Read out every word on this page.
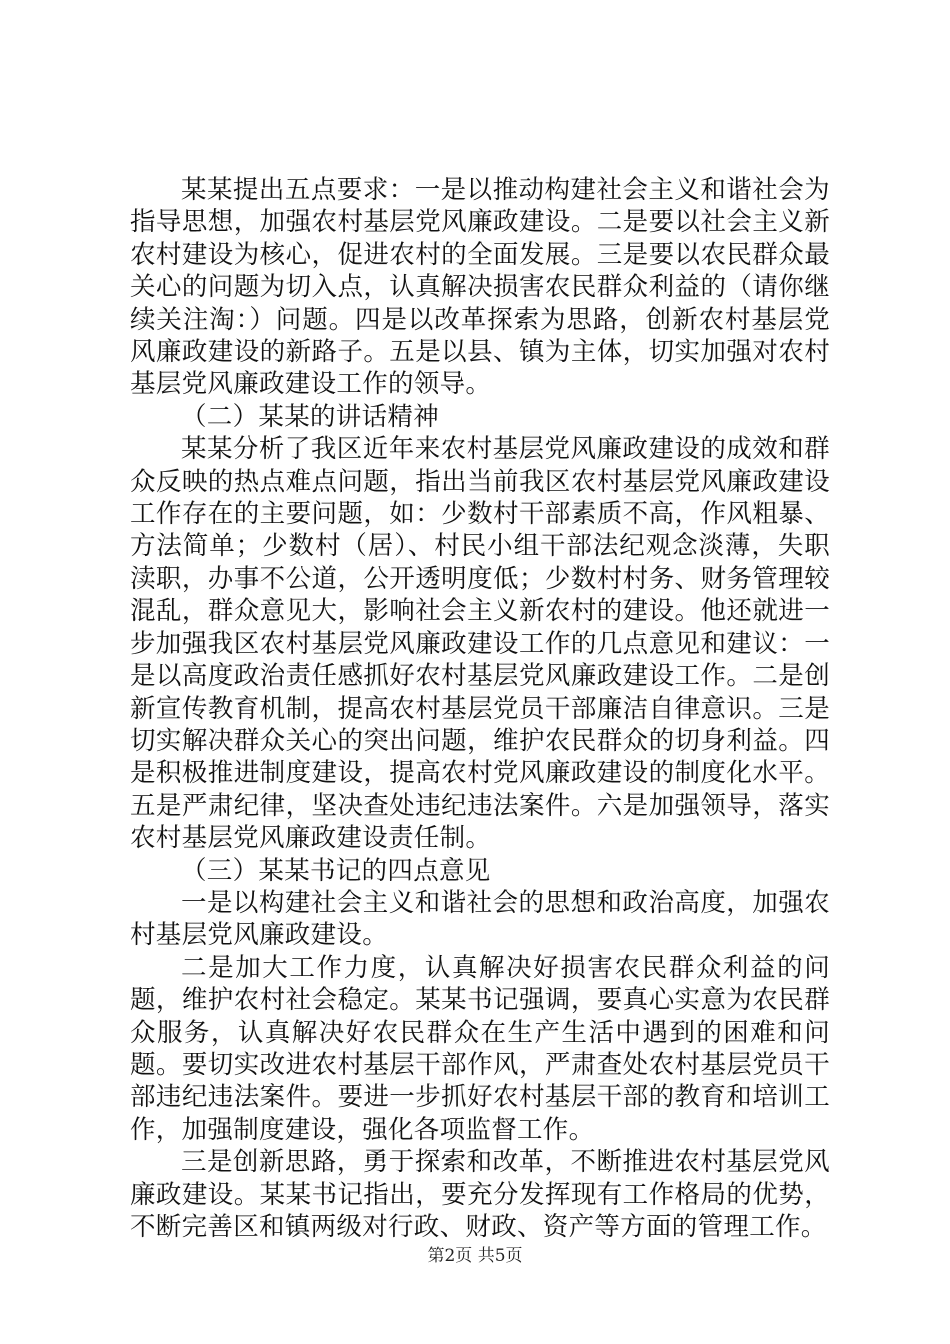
某某提出五点要求：一是以推动构建社会主义和谐社会为指导思想，加强农村基层党风廉政建设。二是要以社会主义新农村建设为核心，促进农村的全面发展。三是要以农民群众最关心的问题为切入点，认真解决损害农民群众利益的（请你继续关注淘：）问题。四是以改革探索为思路，创新农村基层党风廉政建设的新路子。五是以县、镇为主体，切实加强对农村基层党风廉政建设工作的领导。

（二）某某的讲话精神

某某分析了我区近年来农村基层党风廉政建设的成效和群众反映的热点难点问题，指出当前我区农村基层党风廉政建设工作存在的主要问题，如：少数村干部素质不高，作风粗暴、方法简单；少数村（居）、村民小组干部法纪观念淡薄，失职渎职，办事不公道，公开透明度低；少数村村务、财务管理较混乱，群众意见大，影响社会主义新农村的建设。他还就进一步加强我区农村基层党风廉政建设工作的几点意见和建议：一是以高度政治责任感抓好农村基层党风廉政建设工作。二是创新宣传教育机制，提高农村基层党员干部廉洁自律意识。三是切实解决群众关心的突出问题，维护农民群众的切身利益。四是积极推进制度建设，提高农村党风廉政建设的制度化水平。五是严肃纪律，坚决查处违纪违法案件。六是加强领导，落实农村基层党风廉政建设责任制。

（三）某某书记的四点意见

一是以构建社会主义和谐社会的思想和政治高度，加强农村基层党风廉政建设。

二是加大工作力度，认真解决好损害农民群众利益的问题，维护农村社会稳定。某某书记强调，要真心实意为农民群众服务，认真解决好农民群众在生产生活中遇到的困难和问题。要切实改进农村基层干部作风，严肃查处农村基层党员干部违纪违法案件。要进一步抓好农村基层干部的教育和培训工作，加强制度建设，强化各项监督工作。

三是创新思路，勇于探索和改革，不断推进农村基层党风廉政建设。某某书记指出，要充分发挥现有工作格局的优势，不断完善区和镇两级对行政、财政、资产等方面的管理工作。

第2页 共5页
